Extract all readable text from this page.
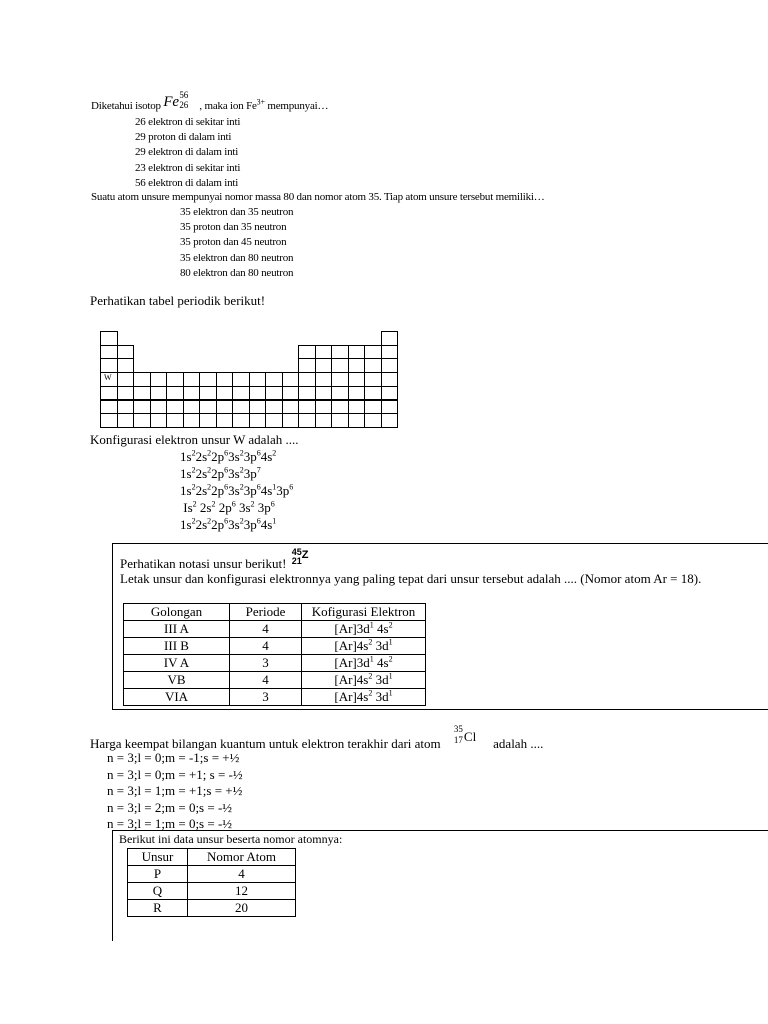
Diketahui isotop Fe 56
26 , maka ion $Fe^{3+}$ mempunyai…
26 elektron di sekitar inti
29 proton di dalam inti
29 elektron di dalam inti
23 elektron di sekitar inti
56 elektron di dalam inti
Suatu atom unsure mempunyai nomor massa 80 dan nomor atom 35. Tiap atom unsure tersebut memiliki…
35 elektron dan 35 neutron
35 proton dan 35 neutron
35 proton dan 45 neutron
35 elektron dan 80 neutron
80 elektron dan 80 neutron
Perhatikan tabel periodik berikut!
W
Konfigurasi elektron unsur W adalah ....
$1s^22s^22p^63s^23p^64s^2$
$1s^22s^22p^63s^23p^7$
$1s^22s^22p^63s^23p^64s^13p^6$
Is$^2$ $2s^2$ $2p^6$ $3s^2$ $3p^6$
$1s^22s^22p^63s^23p^64s^1$
Perhatikan notasi unsur berikut!
45
21 Z
Letak unsur dan konfigurasi elektronnya yang paling tepat dari unsur tersebut adalah .... (Nomor atom Ar = 18).
Golongan	Periode	Kofigurasi Elektron
III A	4	$[Ar]3d^1$ $4s^2$
III B	4	$[Ar]4s^2$ $3d^1$
IV A	3	$[Ar]3d^1$ $4s^2$
VB	4	$[Ar]4s^2$ $3d^1$
VIA	3	$[Ar]4s^2$ $3d^1$
Harga keempat bilangan kuantum untuk elektron terakhir dari atom
35
17 Cl adalah ....
n = 3;l = 0;m = -1;s = +½
n = 3;l = 0;m = +1; s = -½
n = 3;l = 1;m = +1;s = +½
n = 3;l = 2;m = 0;s = -½
n = 3;l = 1;m = 0;s = -½
Berikut ini data unsur beserta nomor atomnya:
Unsur	Nomor Atom
P	4
Q	12
R	20
